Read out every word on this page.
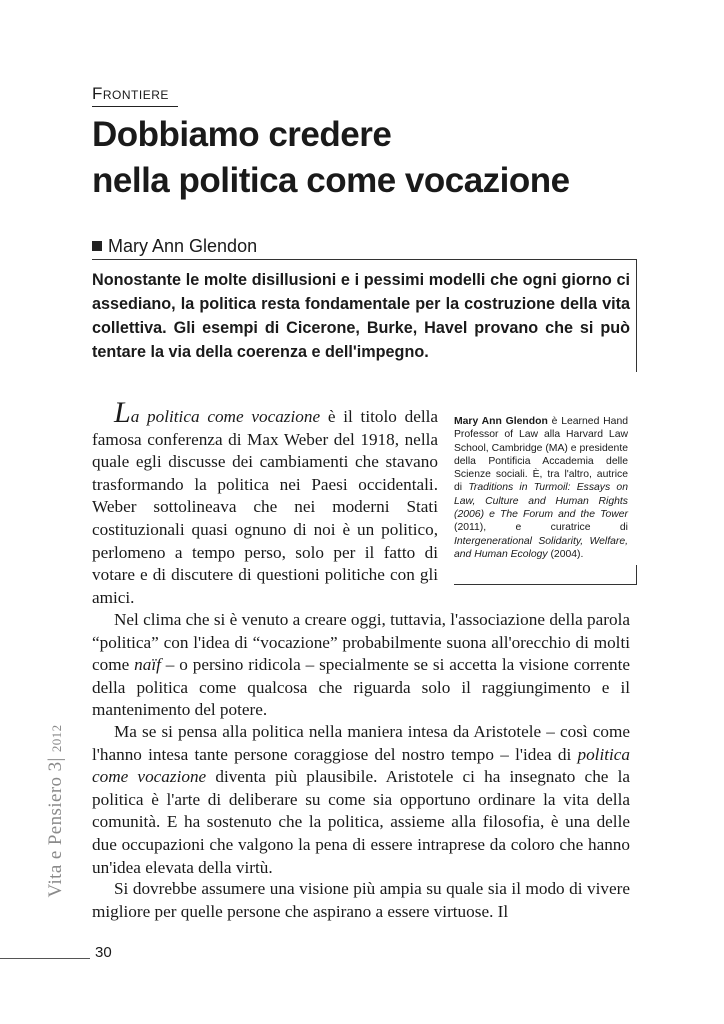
Frontiere
Dobbiamo credere
nella politica come vocazione
Mary Ann Glendon
Nonostante le molte disillusioni e i pessimi modelli che ogni giorno ci assediano, la politica resta fondamentale per la costruzione della vita collettiva. Gli esempi di Cicerone, Burke, Havel provano che si può tentare la via della coerenza e dell'impegno.
La politica come vocazione è il titolo della famosa conferenza di Max Weber del 1918, nella quale egli discusse dei cambiamenti che stavano trasformando la politica nei Paesi occidentali. Weber sottolineava che nei moderni Stati costituzionali quasi ognuno di noi è un politico, perlomeno a tempo perso, solo per il fatto di votare e di discutere di questioni politiche con gli amici.
Mary Ann Glendon è Learned Hand Professor of Law alla Harvard Law School, Cambridge (MA) e presidente della Pontificia Accademia delle Scienze sociali. È, tra l'altro, autrice di Traditions in Turmoil: Essays on Law, Culture and Human Rights (2006) e The Forum and the Tower (2011), e curatrice di Intergenerational Solidarity, Welfare, and Human Ecology (2004).
Nel clima che si è venuto a creare oggi, tuttavia, l'associazione della parola “politica” con l'idea di “vocazione” probabilmente suona all'orecchio di molti come naïf – o persino ridicola – specialmente se si accetta la visione corrente della politica come qualcosa che riguarda solo il raggiungimento e il mantenimento del potere.
Ma se si pensa alla politica nella maniera intesa da Aristotele – così come l'hanno intesa tante persone coraggiose del nostro tempo – l'idea di politica come vocazione diventa più plausibile. Aristotele ci ha insegnato che la politica è l'arte di deliberare su come sia opportuno ordinare la vita della comunità. E ha sostenuto che la politica, assieme alla filosofia, è una delle due occupazioni che valgono la pena di essere intraprese da coloro che hanno un'idea elevata della virtù.
Si dovrebbe assumere una visione più ampia su quale sia il modo di vivere migliore per quelle persone che aspirano a essere virtuose. Il
Vita e Pensiero 3| 2012
30
